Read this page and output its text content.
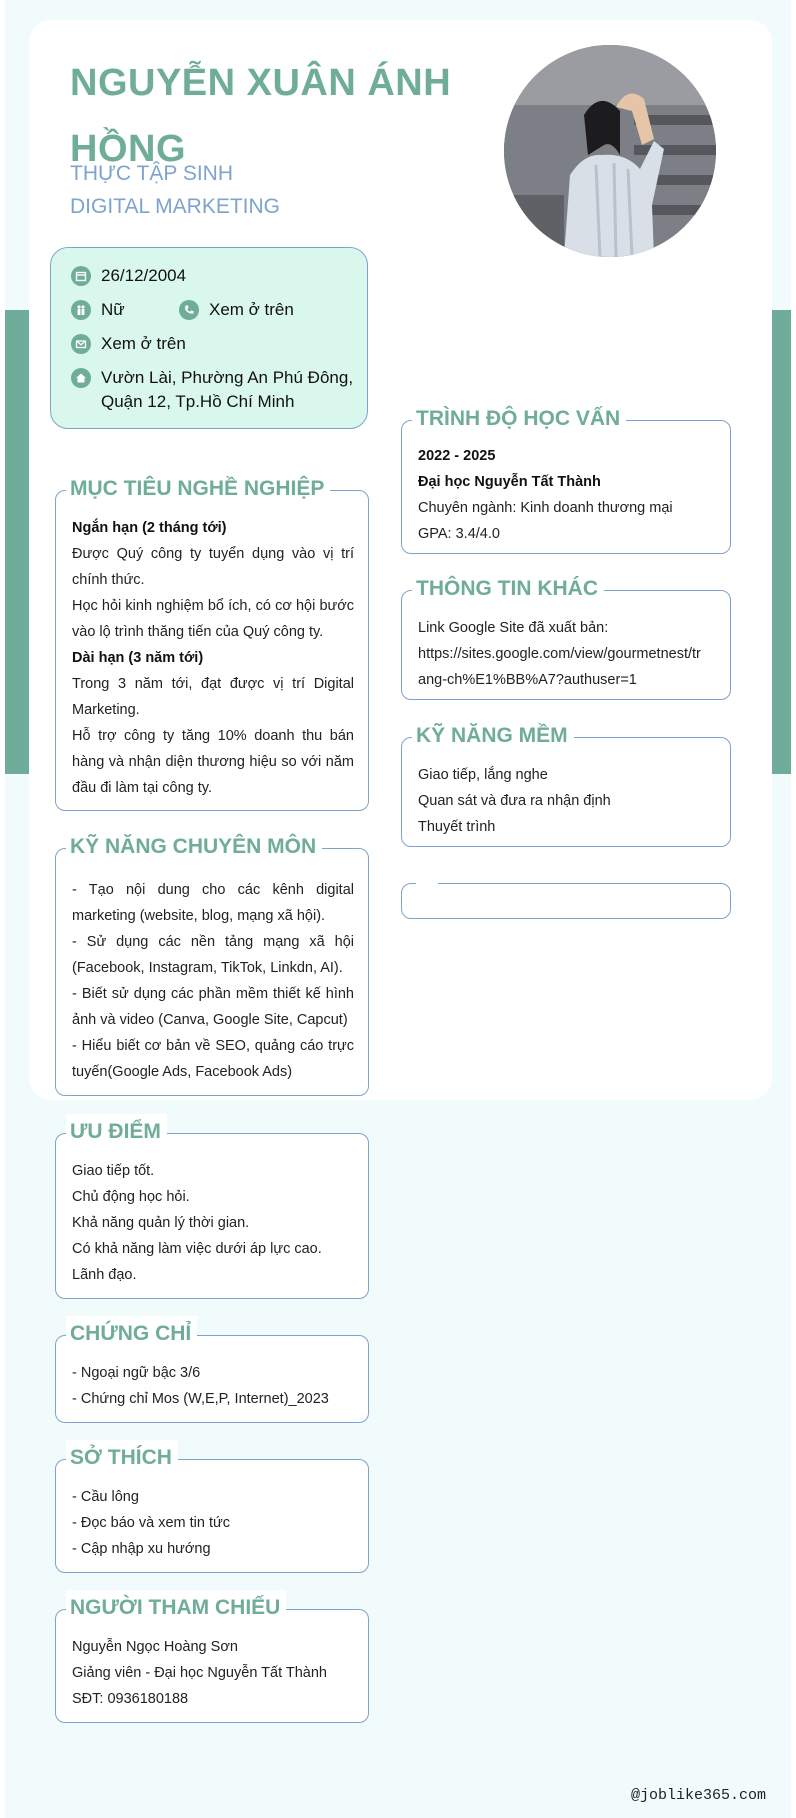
NGUYỄN XUÂN ÁNH
HỒNG
THỰC TẬP SINH
DIGITAL MARKETING
26/12/2004
Nữ	Xem ở trên
Xem ở trên
Vườn Lài, Phường An Phú Đông,
Quận 12, Tp.Hồ Chí Minh
MỤC TIÊU NGHỀ NGHIỆP

Ngắn hạn (2 tháng tới)

Được Quý công ty tuyển dụng vào vị trí chính thức.

Học hỏi kinh nghiệm bổ ích, có cơ hội bước vào lộ trình thăng tiến của Quý công ty.

Dài hạn (3 năm tới)

Trong 3 năm tới, đạt được vị trí Digital Marketing.

Hỗ trợ công ty tăng 10% doanh thu bán hàng và nhận diện thương hiệu so với năm đầu đi làm tại công ty.

KỸ NĂNG CHUYÊN MÔN

- Tạo nội dung cho các kênh digital marketing (website, blog, mạng xã hội).

- Sử dụng các nền tảng mạng xã hội (Facebook, Instagram, TikTok, Linkdn, AI).

- Biết sử dụng các phần mềm thiết kế hình ảnh và video (Canva, Google Site, Capcut)

- Hiểu biết cơ bản về SEO, quảng cáo trực tuyến(Google Ads, Facebook Ads)

ƯU ĐIỂM

Giao tiếp tốt.

Chủ động học hỏi.

Khả năng quản lý thời gian.

Có khả năng làm việc dưới áp lực cao.

Lãnh đạo.

CHỨNG CHỈ

- Ngoại ngữ bậc 3/6

- Chứng chỉ Mos (W,E,P, Internet)_2023

SỞ THÍCH

- Cầu lông

- Đọc báo và xem tin tức

- Cập nhập xu hướng

NGƯỜI THAM CHIẾU

Nguyễn Ngọc Hoàng Sơn

Giảng viên - Đại học Nguyễn Tất Thành

SĐT: 0936180188

TRÌNH ĐỘ HỌC VẤN

2022 - 2025

Đại học Nguyễn Tất Thành

Chuyên ngành: Kinh doanh thương mại

GPA: 3.4/4.0

THÔNG TIN KHÁC

Link Google Site đã xuất bản:

https://sites.google.com/view/gourmetnest/tr

ang-ch%E1%BB%A7?authuser=1

KỸ NĂNG MỀM

Giao tiếp, lắng nghe

Quan sát và đưa ra nhận định

Thuyết trình

@joblike365.com
